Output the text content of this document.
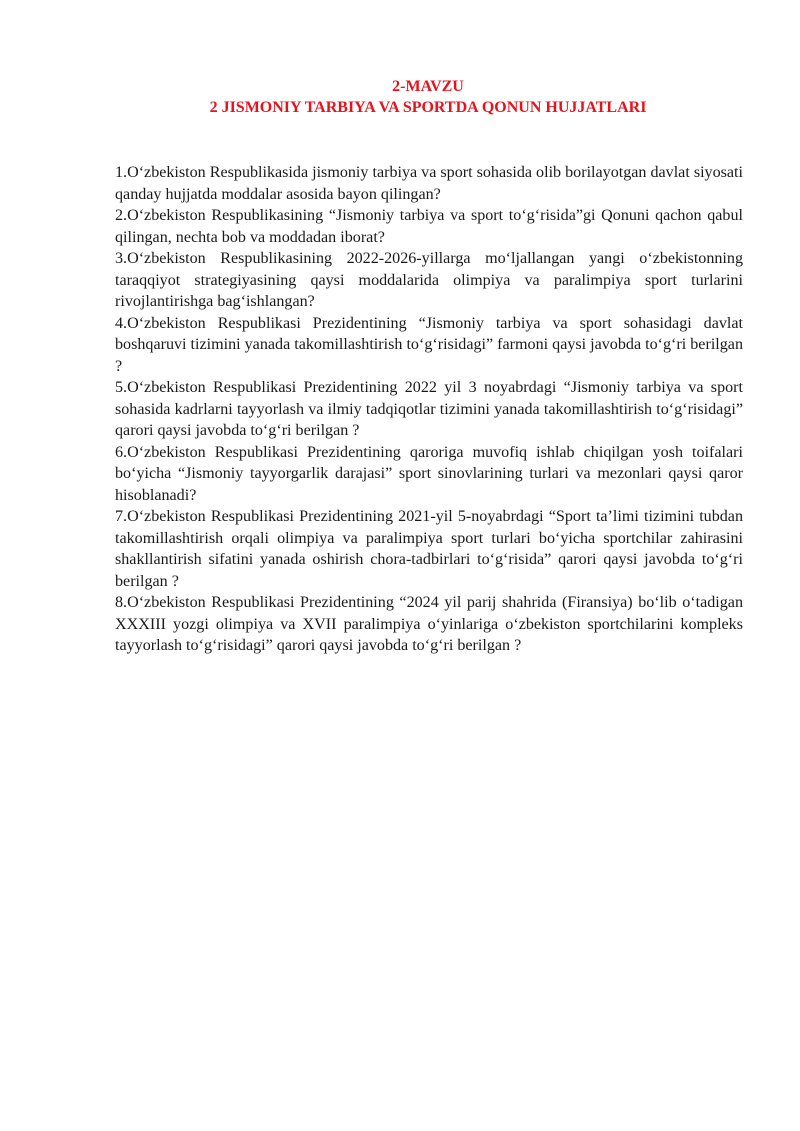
2-MAVZU
2 JISMONIY TARBIYA VA SPORTDA QONUN HUJJATLARI

1.O‘zbekiston Respublikasida jismoniy tarbiya va sport sohasida olib borilayotgan davlat siyosati qanday hujjatda moddalar asosida bayon qilingan?

2.O‘zbekiston Respublikasining “Jismoniy tarbiya va sport to‘g‘risida”gi Qonuni qachon qabul qilingan, nechta bob va moddadan iborat?

3.O‘zbekiston Respublikasining 2022-2026-yillarga mo‘ljallangan yangi o‘zbekistonning taraqqiyot strategiyasining qaysi moddalarida olimpiya va paralimpiya sport turlarini rivojlantirishga bag‘ishlangan?

4.O‘zbekiston Respublikasi Prezidentining “Jismoniy tarbiya va sport sohasidagi davlat boshqaruvi tizimini yanada takomillashtirish to‘g‘risidagi” farmoni qaysi javobda to‘g‘ri berilgan ?

5.O‘zbekiston Respublikasi Prezidentining 2022 yil 3 noyabrdagi “Jismoniy tarbiya va sport sohasida kadrlarni tayyorlash va ilmiy tadqiqotlar tizimini yanada takomillashtirish to‘g‘risidagi” qarori qaysi javobda to‘g‘ri berilgan ?

6.O‘zbekiston Respublikasi Prezidentining qaroriga muvofiq ishlab chiqilgan yosh toifalari bo‘yicha “Jismoniy tayyorgarlik darajasi” sport sinovlarining turlari va mezonlari qaysi qaror hisoblanadi?

7.O‘zbekiston Respublikasi Prezidentining 2021-yil 5-noyabrdagi “Sport ta’limi tizimini tubdan takomillashtirish orqali olimpiya va paralimpiya sport turlari bo‘yicha sportchilar zahirasini shakllantirish sifatini yanada oshirish chora-tadbirlari to‘g‘risida” qarori qaysi javobda to‘g‘ri berilgan ?

8.O‘zbekiston Respublikasi Prezidentining “2024 yil parij shahrida (Firansiya) bo‘lib o‘tadigan XXXIII yozgi olimpiya va XVII paralimpiya o‘yinlariga o‘zbekiston sportchilarini kompleks tayyorlash to‘g‘risidagi” qarori qaysi javobda to‘g‘ri berilgan ?
